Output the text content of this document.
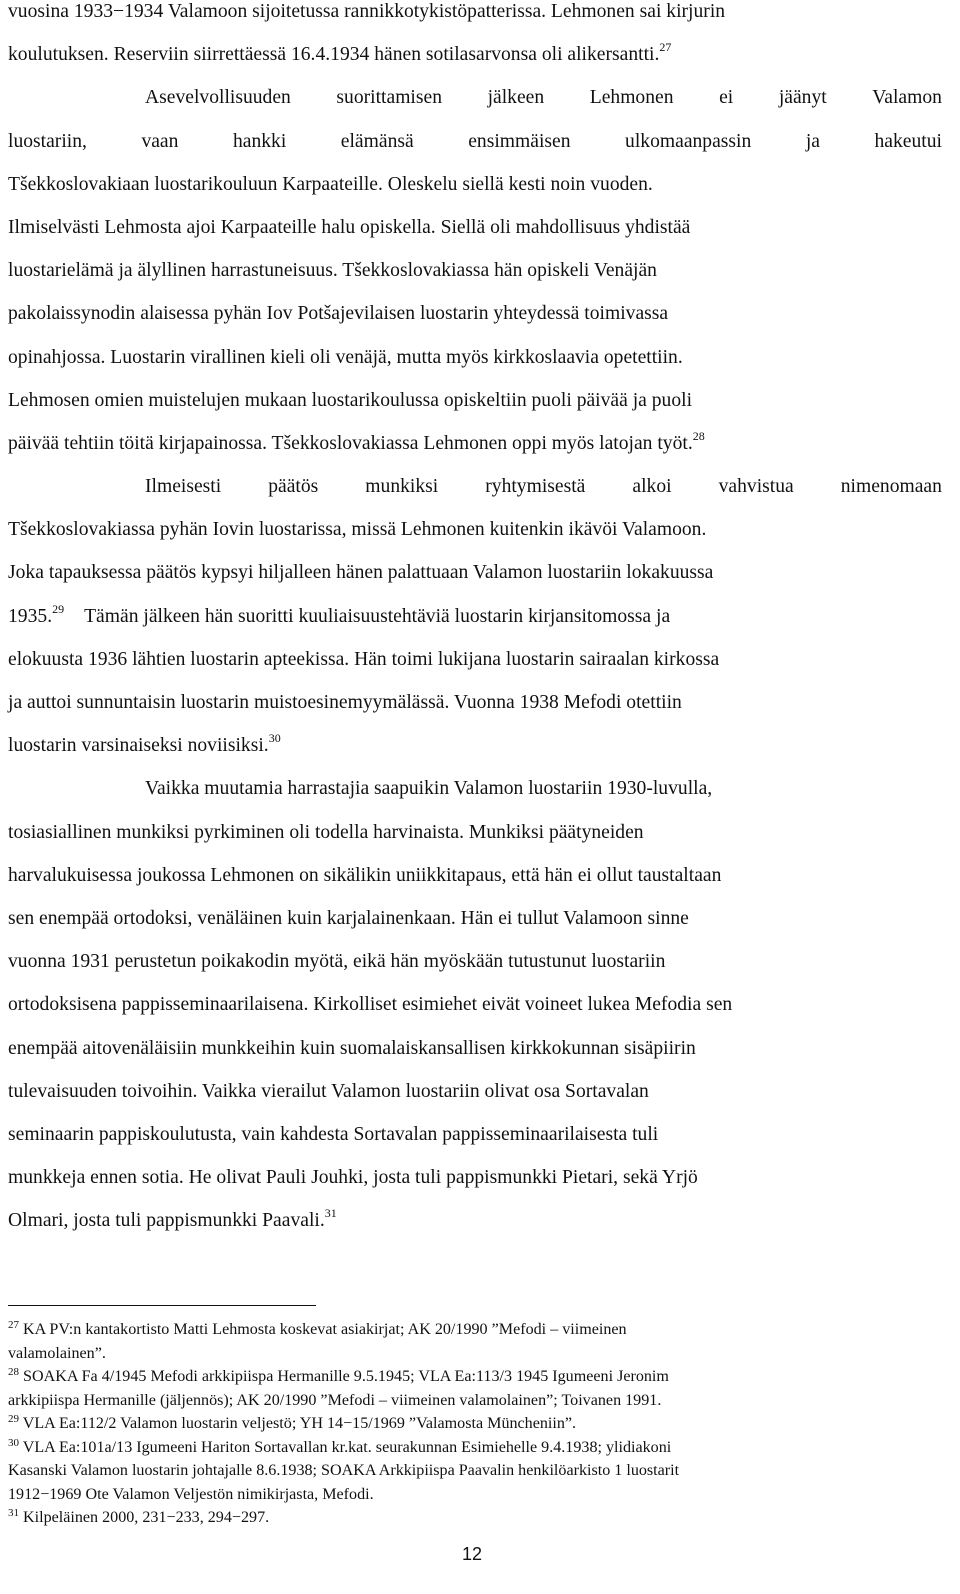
vuosina 1933−1934 Valamoon sijoitetussa rannikkotykistöpatterissa. Lehmonen sai kirjurin
koulutuksen. Reserviin siirrettäessä 16.4.1934 hänen sotilasarvonsa oli alikersantti.$^{27}$
Asevelvollisuuden suorittamisen jälkeen Lehmonen ei jäänyt Valamon
luostariin,	vaan	hankki	elämänsä	ensimmäisen	ulkomaanpassin	ja	hakeutui
Tšekkoslovakiaan luostarikouluun Karpaateille. Oleskelu siellä kesti noin vuoden.
Ilmiselvästi Lehmosta ajoi Karpaateille halu opiskella. Siellä oli mahdollisuus yhdistää
luostarielämä ja älyllinen harrastuneisuus. Tšekkoslovakiassa hän opiskeli Venäjän
pakolaissynodin alaisessa pyhän Iov Potšajevilaisen luostarin yhteydessä toimivassa
opinahjossa. Luostarin virallinen kieli oli venäjä, mutta myös kirkkoslaavia opetettiin.
Lehmosen omien muistelujen mukaan luostarikoulussa opiskeltiin puoli päivää ja puoli
päivää tehtiin töitä kirjapainossa. Tšekkoslovakiassa Lehmonen oppi myös latojan työt.$^{28}$
Ilmeisesti päätös munkiksi ryhtymisestä alkoi vahvistua nimenomaan
Tšekkoslovakiassa pyhän Iovin luostarissa, missä Lehmonen kuitenkin ikävöi Valamoon.
Joka tapauksessa päätös kypsyi hiljalleen hänen palattuaan Valamon luostariin lokakuussa
1935.29 Tämän jälkeen hän suoritti kuuliaisuustehtäviä luostarin kirjansitomossa ja
elokuusta 1936 lähtien luostarin apteekissa. Hän toimi lukijana luostarin sairaalan kirkossa
ja auttoi sunnuntaisin luostarin muistoesinemyymälässä. Vuonna 1938 Mefodi otettiin
luostarin varsinaiseksi noviisiksi.$^{30}$
Vaikka muutamia harrastajia saapuikin Valamon luostariin 1930-luvulla,
tosiasiallinen munkiksi pyrkiminen oli todella harvinaista. Munkiksi päätyneiden
harvalukuisessa joukossa Lehmonen on sikälikin uniikkitapaus, että hän ei ollut taustaltaan
sen enempää ortodoksi, venäläinen kuin karjalainenkaan. Hän ei tullut Valamoon sinne
vuonna 1931 perustetun poikakodin myötä, eikä hän myöskään tutustunut luostariin
ortodoksisena pappisseminaarilaisena. Kirkolliset esimiehet eivät voineet lukea Mefodia sen
enempää aitovenäläisiin munkkeihin kuin suomalaiskansallisen kirkkokunnan sisäpiirin
tulevaisuuden toivoihin. Vaikka vierailut Valamon luostariin olivat osa Sortavalan
seminaarin pappiskoulutusta, vain kahdesta Sortavalan pappisseminaarilaisesta tuli
munkkeja ennen sotia. He olivat Pauli Jouhki, josta tuli pappismunkki Pietari, sekä Yrjö
Olmari, josta tuli pappismunkki Paavali.$^{31}$
$^{27}$ KA PV:n kantakortisto Matti Lehmosta koskevat asiakirjat; AK 20/1990 ”Mefodi – viimeinen
valamolainen”.
$^{28}$ SOAKA Fa 4/1945 Mefodi arkkipiispa Hermanille 9.5.1945; VLA Ea:113/3 1945 Igumeeni Jeronim
arkkipiispa Hermanille (jäljennös); AK 20/1990 ”Mefodi – viimeinen valamolainen”; Toivanen 1991.
$^{29}$ VLA Ea:112/2 Valamon luostarin veljestö; YH 14−15/1969 ”Valamosta Müncheniin”.
$^{30}$ VLA Ea:101a/13 Igumeeni Hariton Sortavallan kr.kat. seurakunnan Esimiehelle 9.4.1938; ylidiakoni
Kasanski Valamon luostarin johtajalle 8.6.1938; SOAKA Arkkipiispa Paavalin henkilöarkisto 1 luostarit
1912−1969 Ote Valamon Veljestön nimikirjasta, Mefodi.
$^{31}$ Kilpeläinen 2000, 231−233, 294−297.
12
